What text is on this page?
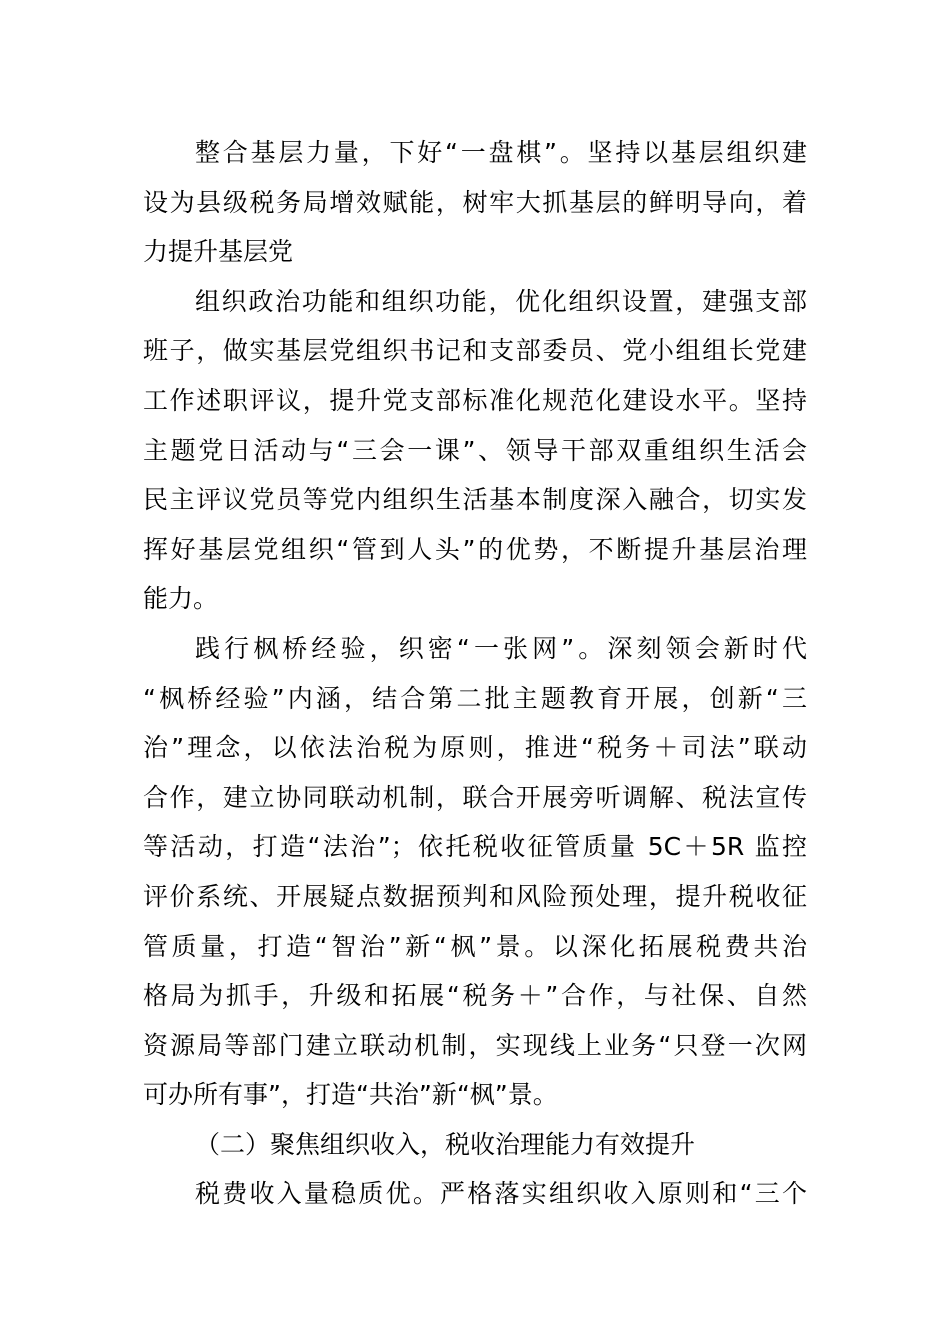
整合基层力量，下好“一盘棋”。坚持以基层组织建
设为县级税务局增效赋能，树牢大抓基层的鲜明导向，着
力提升基层党
组织政治功能和组织功能，优化组织设置，建强支部
班子，做实基层党组织书记和支部委员、党小组组长党建
工作述职评议，提升党支部标准化规范化建设水平。坚持
主题党日活动与“三会一课”、领导干部双重组织生活会
民主评议党员等党内组织生活基本制度深入融合，切实发
挥好基层党组织“管到人头”的优势，不断提升基层治理
能力。
践行枫桥经验，织密“一张网”。深刻领会新时代
“枫桥经验”内涵，结合第二批主题教育开展，创新“三
治”理念，以依法治税为原则，推进“税务＋司法”联动
合作，建立协同联动机制，联合开展旁听调解、税法宣传
等活动，打造“法治”；依托税收征管质量 5C＋5R 监控
评价系统、开展疑点数据预判和风险预处理，提升税收征
管质量，打造“智治”新“枫”景。以深化拓展税费共治
格局为抓手，升级和拓展“税务＋”合作，与社保、自然
资源局等部门建立联动机制，实现线上业务“只登一次网
可办所有事”，打造“共治”新“枫”景。
（二）聚焦组织收入，税收治理能力有效提升
税费收入量稳质优。严格落实组织收入原则和“三个
